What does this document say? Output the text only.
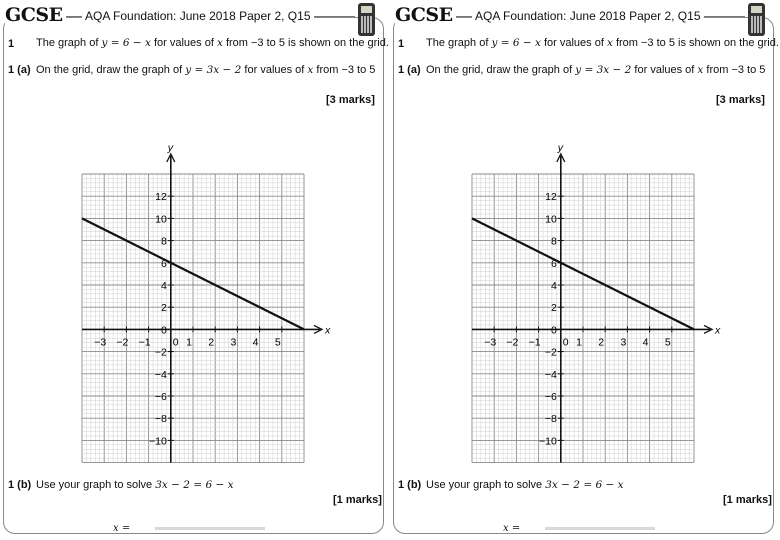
GCSE AQA Foundation: June 2018 Paper 2, Q15
1 The graph of y = 6 − x for values of x from −3 to 5 is shown on the grid.
1 (a) On the grid, draw the graph of y = 3x − 2 for values of x from −3 to 5
[3 marks]
y
x
−3 −2 −1 0 1 2 3 4 5
12
10
8
6
4
2
−2
−4
−6
−8
−10
0
1 (b) Use your graph to solve 3x − 2 = 6 − x
[1 marks]
x =
GCSE AQA Foundation: June 2018 Paper 2, Q15
1 The graph of y = 6 − x for values of x from −3 to 5 is shown on the grid.
1 (a) On the grid, draw the graph of y = 3x − 2 for values of x from −3 to 5
[3 marks]
y
x
−3 −2 −1 0 1 2 3 4 5
12
10
8
6
4
2
−2
−4
−6
−8
−10
0
1 (b) Use your graph to solve 3x − 2 = 6 − x
[1 marks]
x =
